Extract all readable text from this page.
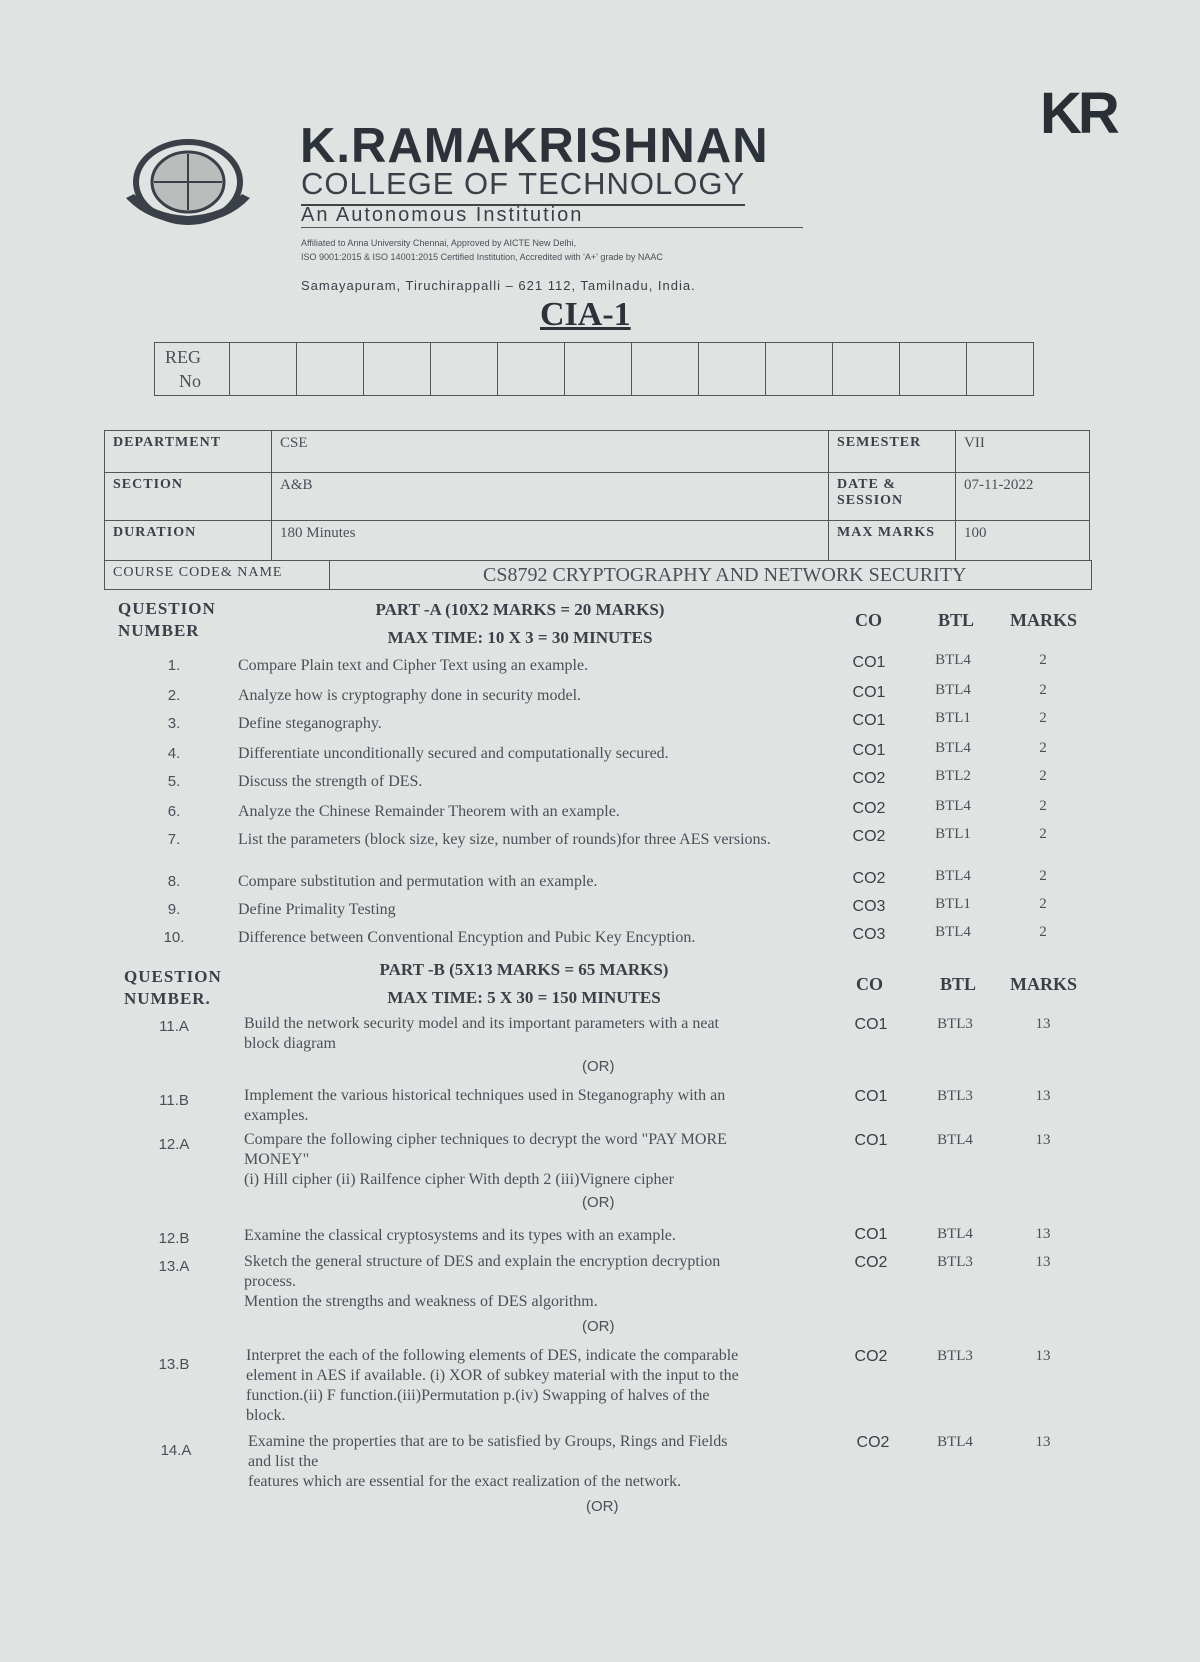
KR
K.RAMAKRISHNAN
COLLEGE OF TECHNOLOGY
An Autonomous Institution
Affiliated to Anna University Chennai, Approved by AICTE New Delhi,
ISO 9001:2015 & ISO 14001:2015 Certified Institution, Accredited with 'A+' grade by NAAC
Samayapuram, Tiruchirappalli – 621 112, Tamilnadu, India.
CIA-1
REG
No												
DEPARTMENT	CSE	SEMESTER	VII
SECTION	A&B	DATE & SESSION	07-11-2022
DURATION	180 Minutes	MAX MARKS	100
COURSE CODE& NAME	CS8792 CRYPTOGRAPHY AND NETWORK SECURITY
QUESTION
NUMBER
PART -A (10X2 MARKS = 20 MARKS)
MAX TIME: 10 X 3 = 30 MINUTES
CO	BTL MARKS
1.	Compare Plain text and Cipher Text using an example.	CO1	BTL4	2
2.	Analyze how is cryptography done in security model.	CO1	BTL4	2
3.	Define steganography.	CO1	BTL1	2
4.	Differentiate unconditionally secured and computationally secured.	CO1	BTL4	2
5.	Discuss the strength of DES.	CO2	BTL2	2
6.	Analyze the Chinese Remainder Theorem with an example.	CO2	BTL4	2
7.	List the parameters (block size, key size, number of rounds)for three AES versions.	CO2	BTL1	2
8.	Compare substitution and permutation with an example.	CO2	BTL4	2
9.	Define Primality Testing	CO3	BTL1	2
10.	Difference between Conventional Encyption and Pubic Key Encyption.	CO3	BTL4	2
QUESTION
NUMBER.
PART -B (5X13 MARKS = 65 MARKS)
MAX TIME: 5 X 30 = 150 MINUTES
CO	BTL MARKS
11.A	Build the network security model and its important parameters with a neat
block diagram
CO1	BTL3	13
(OR)
11.B	Implement the various historical techniques used in Steganography with an
examples.
CO1	BTL3	13
12.A	Compare the following cipher techniques to decrypt the word "PAY MORE
MONEY"
(i) Hill cipher (ii) Railfence cipher With depth 2 (iii)Vignere cipher
CO1	BTL4	13
(OR)
12.B	Examine the classical cryptosystems and its types with an example.	CO1	BTL4	13
13.A	Sketch the general structure of DES and explain the encryption decryption
process.
Mention the strengths and weakness of DES algorithm.
CO2	BTL3	13
(OR)
13.B
Interpret the each of the following elements of DES, indicate the comparable
element in AES if available. (i) XOR of subkey material with the input to the
function.(ii) F function.(iii)Permutation p.(iv) Swapping of halves of the
block.
CO2	BTL3	13
14.A
Examine the properties that are to be satisfied by Groups, Rings and Fields
and list the
features which are essential for the exact realization of the network.
CO2	BTL4	13
(OR)
